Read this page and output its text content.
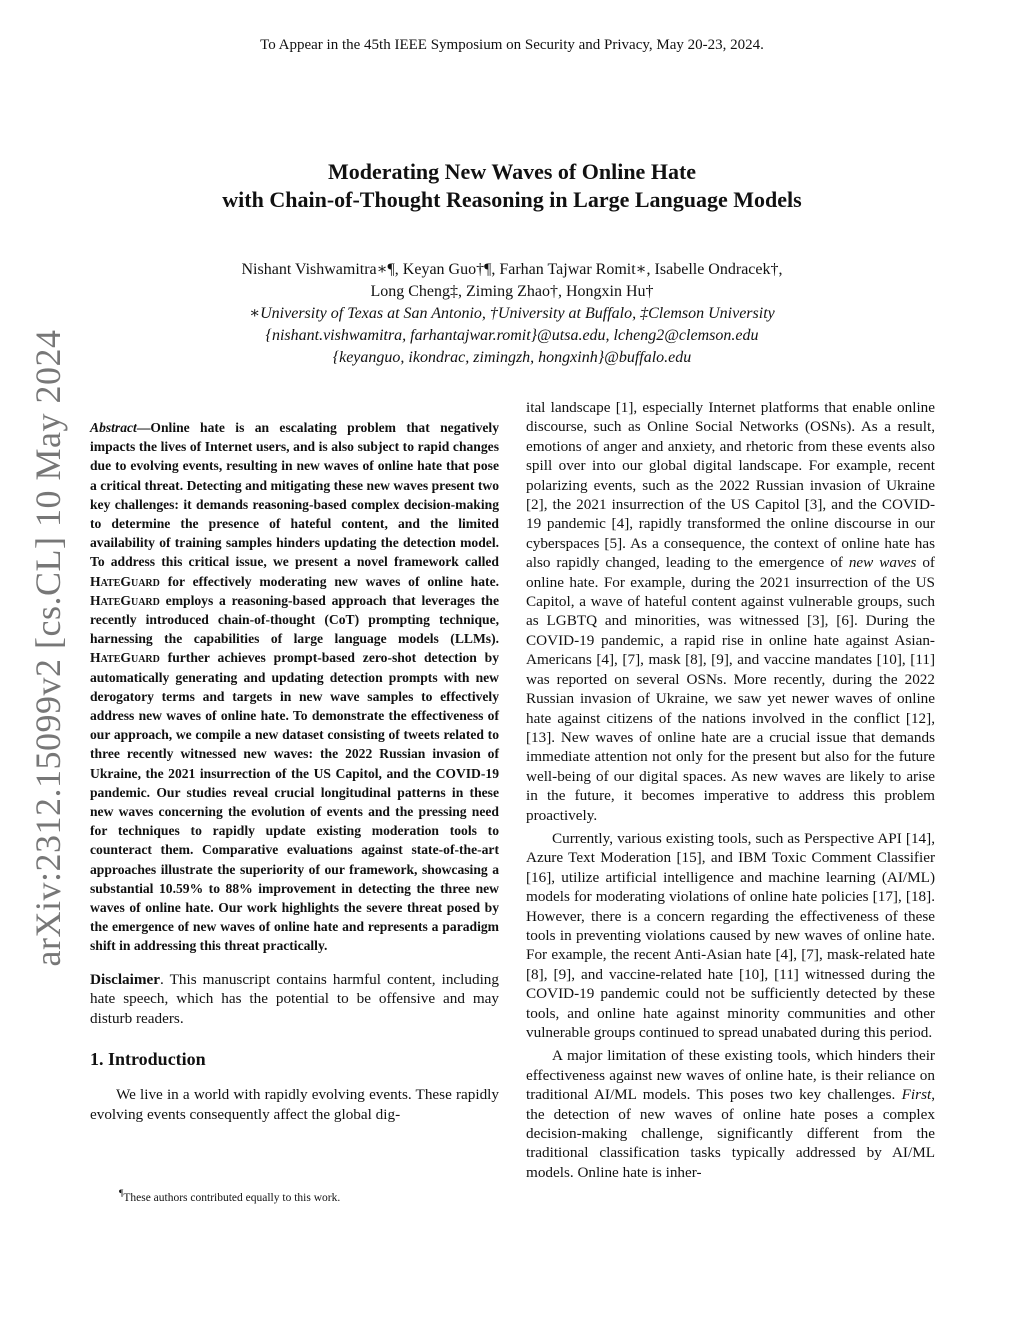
To Appear in the 45th IEEE Symposium on Security and Privacy, May 20-23, 2024.
Moderating New Waves of Online Hate
with Chain-of-Thought Reasoning in Large Language Models
Nishant Vishwamitra∗¶, Keyan Guo†¶, Farhan Tajwar Romit∗, Isabelle Ondracek†,
Long Cheng‡, Ziming Zhao†, Hongxin Hu†
∗University of Texas at San Antonio, †University at Buffalo, ‡Clemson University
{nishant.vishwamitra, farhantajwar.romit}@utsa.edu, lcheng2@clemson.edu
{keyanguo, ikondrac, zimingzh, hongxinh}@buffalo.edu
arXiv:2312.15099v2 [cs.CL] 10 May 2024 Abstract—Online hate is an escalating problem that negatively impacts the lives of Internet users, and is also subject to rapid changes due to evolving events, resulting in new waves of online hate that pose a critical threat. Detecting and mitigating these new waves present two key challenges: it demands reasoning-based complex decision-making to determine the presence of hateful content, and the limited availability of training samples hinders updating the detection model. To address this critical issue, we present a novel framework called HateGuard for effectively moderating new waves of online hate. HateGuard employs a reasoning-based approach that leverages the recently introduced chain-of-thought (CoT) prompting technique, harnessing the capabilities of large language models (LLMs). HateGuard further achieves prompt-based zero-shot detection by automatically generating and updating detection prompts with new derogatory terms and targets in new wave samples to effectively address new waves of online hate. To demonstrate the effectiveness of our approach, we compile a new dataset consisting of tweets related to three recently witnessed new waves: the 2022 Russian invasion of Ukraine, the 2021 insurrection of the US Capitol, and the COVID-19 pandemic. Our studies reveal crucial longitudinal patterns in these new waves concerning the evolution of events and the pressing need for techniques to rapidly update existing moderation tools to counteract them. Comparative evaluations against state-of-the-art approaches illustrate the superiority of our framework, showcasing a substantial 10.59% to 88% improvement in detecting the three new waves of online hate. Our work highlights the severe threat posed by the emergence of new waves of online hate and represents a paradigm shift in addressing this threat practically.

Disclaimer. This manuscript contains harmful content, including hate speech, which has the potential to be offensive and may disturb readers.

1. Introduction

We live in a world with rapidly evolving events. These rapidly evolving events consequently affect the global dig-

¶These authors contributed equally to this work.

ital landscape [1], especially Internet platforms that enable online discourse, such as Online Social Networks (OSNs). As a result, emotions of anger and anxiety, and rhetoric from these events also spill over into our global digital landscape. For example, recent polarizing events, such as the 2022 Russian invasion of Ukraine [2], the 2021 insurrection of the US Capitol [3], and the COVID-19 pandemic [4], rapidly transformed the online discourse in our cyberspaces [5]. As a consequence, the context of online hate has also rapidly changed, leading to the emergence of new waves of online hate. For example, during the 2021 insurrection of the US Capitol, a wave of hateful content against vulnerable groups, such as LGBTQ and minorities, was witnessed [3], [6]. During the COVID-19 pandemic, a rapid rise in online hate against Asian-Americans [4], [7], mask [8], [9], and vaccine mandates [10], [11] was reported on several OSNs. More recently, during the 2022 Russian invasion of Ukraine, we saw yet newer waves of online hate against citizens of the nations involved in the conflict [12], [13]. New waves of online hate are a crucial issue that demands immediate attention not only for the present but also for the future well-being of our digital spaces. As new waves are likely to arise in the future, it becomes imperative to address this problem proactively.

Currently, various existing tools, such as Perspective API [14], Azure Text Moderation [15], and IBM Toxic Comment Classifier [16], utilize artificial intelligence and machine learning (AI/ML) models for moderating violations of online hate policies [17], [18]. However, there is a concern regarding the effectiveness of these tools in preventing violations caused by new waves of online hate. For example, the recent Anti-Asian hate [4], [7], mask-related hate [8], [9], and vaccine-related hate [10], [11] witnessed during the COVID-19 pandemic could not be sufficiently detected by these tools, and online hate against minority communities and other vulnerable groups continued to spread unabated during this period.

A major limitation of these existing tools, which hinders their effectiveness against new waves of online hate, is their reliance on traditional AI/ML models. This poses two key challenges. First, the detection of new waves of online hate poses a complex decision-making challenge, significantly different from the traditional classification tasks typically addressed by AI/ML models. Online hate is inher-
